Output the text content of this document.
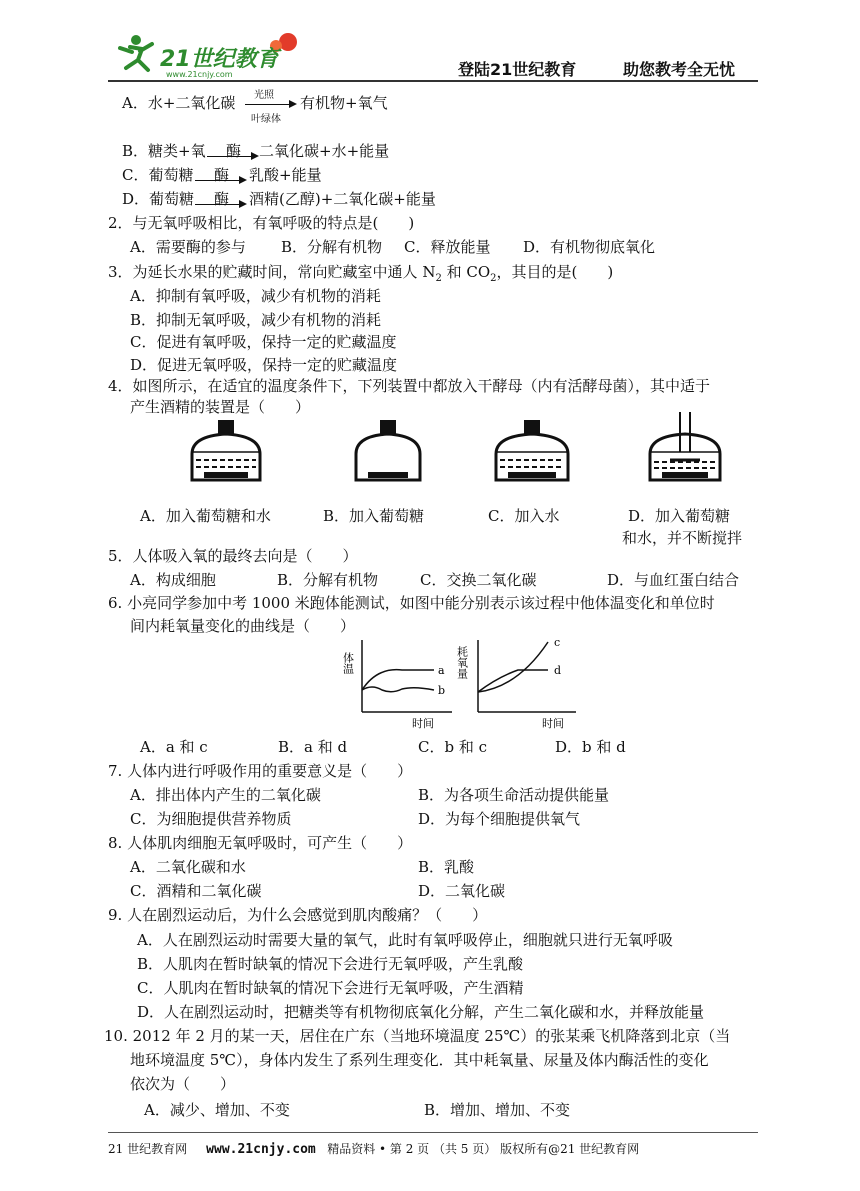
21世纪教育
www.21cnjy.com	登陆21世纪教育	助您教考全无忧
A．水+二氧化碳 光照
叶绿体
有机物+氧气
B．糖类+氧 酶 二氧化碳+水+能量
C．葡萄糖 酶 乳酸+能量
D．葡萄糖 酶 酒精(乙醇)+二氧化碳+能量
2．与无氧呼吸相比，有氧呼吸的特点是(　　)
A．需要酶的参与 B．分解有机物 C．释放能量 D．有机物彻底氧化
3．为延长水果的贮藏时间，常向贮藏室中通人 $N_2$ 和 $CO_2$，其目的是(　　)
A．抑制有氧呼吸，减少有机物的消耗
B．抑制无氧呼吸，减少有机物的消耗
C．促进有氧呼吸，保持一定的贮藏温度
D．促进无氧呼吸，保持一定的贮藏温度
4．如图所示，在适宜的温度条件下，下列装置中都放入干酵母（内有活酵母菌），其中适于
产生酒精的装置是（　　）
A．加入葡萄糖和水	B．加入葡萄糖	C．加入水	D．加入葡萄糖
和水，并不断搅拌
5．人体吸入氧的最终去向是（　　）
A．构成细胞	B．分解有机物	C．交换二氧化碳	D．与血红蛋白结合
6. 小亮同学参加中考 1000 米跑体能测试，如图中能分别表示该过程中他体温变化和单位时
间内耗氧量变化的曲线是（　　）
体温	a
b
时间
耗氧量
c
d
时间
A．a 和 c	B．a 和 d	C．b 和 c	D．b 和 d
7. 人体内进行呼吸作用的重要意义是（　　）
A．排出体内产生的二氧化碳	B．为各项生命活动提供能量
C．为细胞提供营养物质	D．为每个细胞提供氧气
8. 人体肌肉细胞无氧呼吸时，可产生（　　）
A．二氧化碳和水	B．乳酸
C．酒精和二氧化碳	D．二氧化碳
9. 人在剧烈运动后，为什么会感觉到肌肉酸痛？（　　）
A．人在剧烈运动时需要大量的氧气，此时有氧呼吸停止，细胞就只进行无氧呼吸
B．人肌肉在暂时缺氧的情况下会进行无氧呼吸，产生乳酸
C．人肌肉在暂时缺氧的情况下会进行无氧呼吸，产生酒精
D．人在剧烈运动时，把糖类等有机物彻底氧化分解，产生二氧化碳和水，并释放能量
10. 2012 年 2 月的某一天，居住在广东（当地环境温度 25℃）的张某乘飞机降落到北京（当
地环境温度 5℃），身体内发生了系列生理变化．其中耗氧量、尿量及体内酶活性的变化
依次为（　　）
A．减少、增加、不变	B．增加、增加、不变
21 世纪教育网 www.21cnjy.com 精品资料 • 第 2 页 （共 5 页） 版权所有@21 世纪教育网
